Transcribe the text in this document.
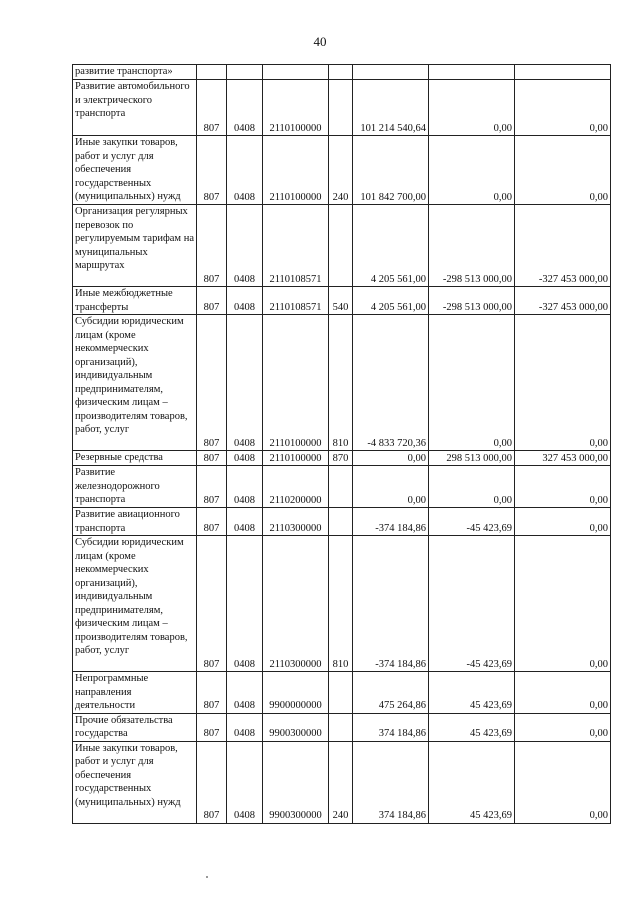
40
развитие транспорта»							
Развитие автомобильного и электрического транспорта	807	0408	2110100000		101 214 540,64	0,00	0,00
Иные закупки товаров, работ и услуг для обеспечения государственных (муниципальных) нужд	807	0408	2110100000	240	101 842 700,00	0,00	0,00
Организация регулярных перевозок по регулируемым тарифам на муниципальных маршрутах	807	0408	2110108571		4 205 561,00	-298 513 000,00	-327 453 000,00
Иные межбюджетные трансферты	807	0408	2110108571	540	4 205 561,00	-298 513 000,00	-327 453 000,00
Субсидии юридическим лицам (кроме некоммерческих организаций), индивидуальным предпринимателям, физическим лицам – производителям товаров, работ, услуг	807	0408	2110100000	810	-4 833 720,36	0,00	0,00
Резервные средства	807	0408	2110100000	870	0,00	298 513 000,00	327 453 000,00
Развитие железнодорожного транспорта	807	0408	2110200000		0,00	0,00	0,00
Развитие авиационного транспорта	807	0408	2110300000		-374 184,86	-45 423,69	0,00
Субсидии юридическим лицам (кроме некоммерческих организаций), индивидуальным предпринимателям, физическим лицам – производителям товаров, работ, услуг	807	0408	2110300000	810	-374 184,86	-45 423,69	0,00
Непрограммные направления деятельности	807	0408	9900000000		475 264,86	45 423,69	0,00
Прочие обязательства государства	807	0408	9900300000		374 184,86	45 423,69	0,00
Иные закупки товаров, работ и услуг для обеспечения государственных (муниципальных) нужд	807	0408	9900300000	240	374 184,86	45 423,69	0,00
